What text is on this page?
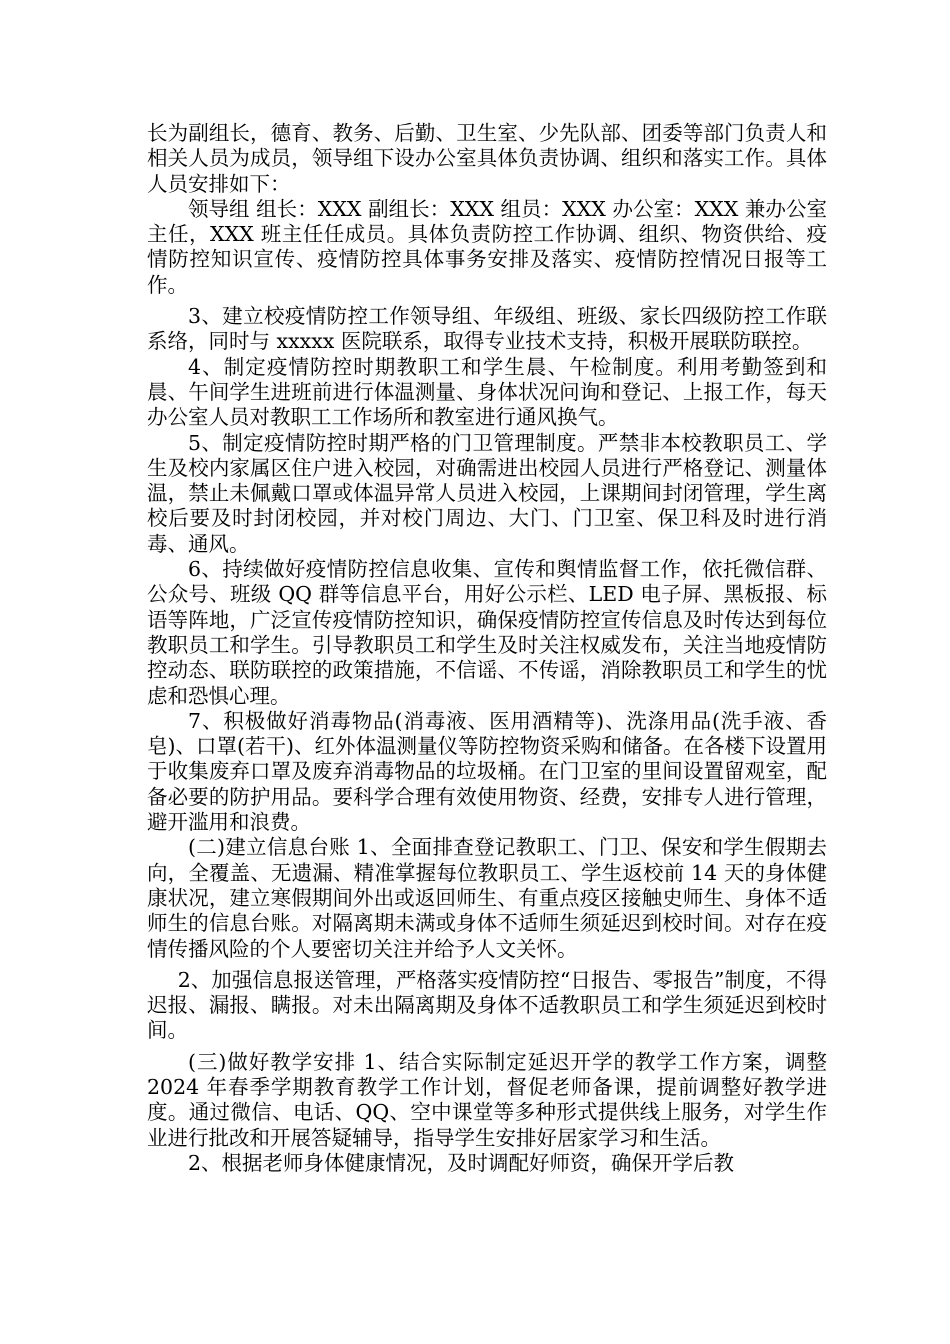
长为副组长，德育、教务、后勤、卫生室、少先队部、团委等部门负责人和相关人员为成员，领导组下设办公室具体负责协调、组织和落实工作。具体人员安排如下：

领导组 组长：XXX 副组长：XXX 组员：XXX 办公室：XXX 兼办公室主任，XXX 班主任任成员。具体负责防控工作协调、组织、物资供给、疫情防控知识宣传、疫情防控具体事务安排及落实、疫情防控情况日报等工作。

3、建立校疫情防控工作领导组、年级组、班级、家长四级防控工作联系络，同时与 xxxxx 医院联系，取得专业技术支持，积极开展联防联控。

4、制定疫情防控时期教职工和学生晨、午检制度。利用考勤签到和晨、午间学生进班前进行体温测量、身体状况问询和登记、上报工作，每天办公室人员对教职工工作场所和教室进行通风换气。

5、制定疫情防控时期严格的门卫管理制度。严禁非本校教职员工、学生及校内家属区住户进入校园，对确需进出校园人员进行严格登记、测量体温，禁止未佩戴口罩或体温异常人员进入校园，上课期间封闭管理，学生离校后要及时封闭校园，并对校门周边、大门、门卫室、保卫科及时进行消毒、通风。

6、持续做好疫情防控信息收集、宣传和舆情监督工作，依托微信群、公众号、班级 QQ 群等信息平台，用好公示栏、LED 电子屏、黑板报、标语等阵地，广泛宣传疫情防控知识，确保疫情防控宣传信息及时传达到每位教职员工和学生。引导教职员工和学生及时关注权威发布，关注当地疫情防控动态、联防联控的政策措施，不信谣、不传谣，消除教职员工和学生的忧虑和恐惧心理。

7、积极做好消毒物品(消毒液、医用酒精等)、洗涤用品(洗手液、香皂)、口罩(若干)、红外体温测量仪等防控物资采购和储备。在各楼下设置用于收集废弃口罩及废弃消毒物品的垃圾桶。在门卫室的里间设置留观室，配备必要的防护用品。要科学合理有效使用物资、经费，安排专人进行管理，避开滥用和浪费。

(二)建立信息台账 1、全面排查登记教职工、门卫、保安和学生假期去向，全覆盖、无遗漏、精准掌握每位教职员工、学生返校前 14 天的身体健康状况，建立寒假期间外出或返回师生、有重点疫区接触史师生、身体不适师生的信息台账。对隔离期未满或身体不适师生须延迟到校时间。对存在疫情传播风险的个人要密切关注并给予人文关怀。

2、加强信息报送管理，严格落实疫情防控“日报告、零报告”制度，不得迟报、漏报、瞒报。对未出隔离期及身体不适教职员工和学生须延迟到校时间。

(三)做好教学安排 1、结合实际制定延迟开学的教学工作方案，调整 2024 年春季学期教育教学工作计划，督促老师备课，提前调整好教学进度。通过微信、电话、QQ、空中课堂等多种形式提供线上服务，对学生作业进行批改和开展答疑辅导，指导学生安排好居家学习和生活。

2、根据老师身体健康情况，及时调配好师资，确保开学后教
